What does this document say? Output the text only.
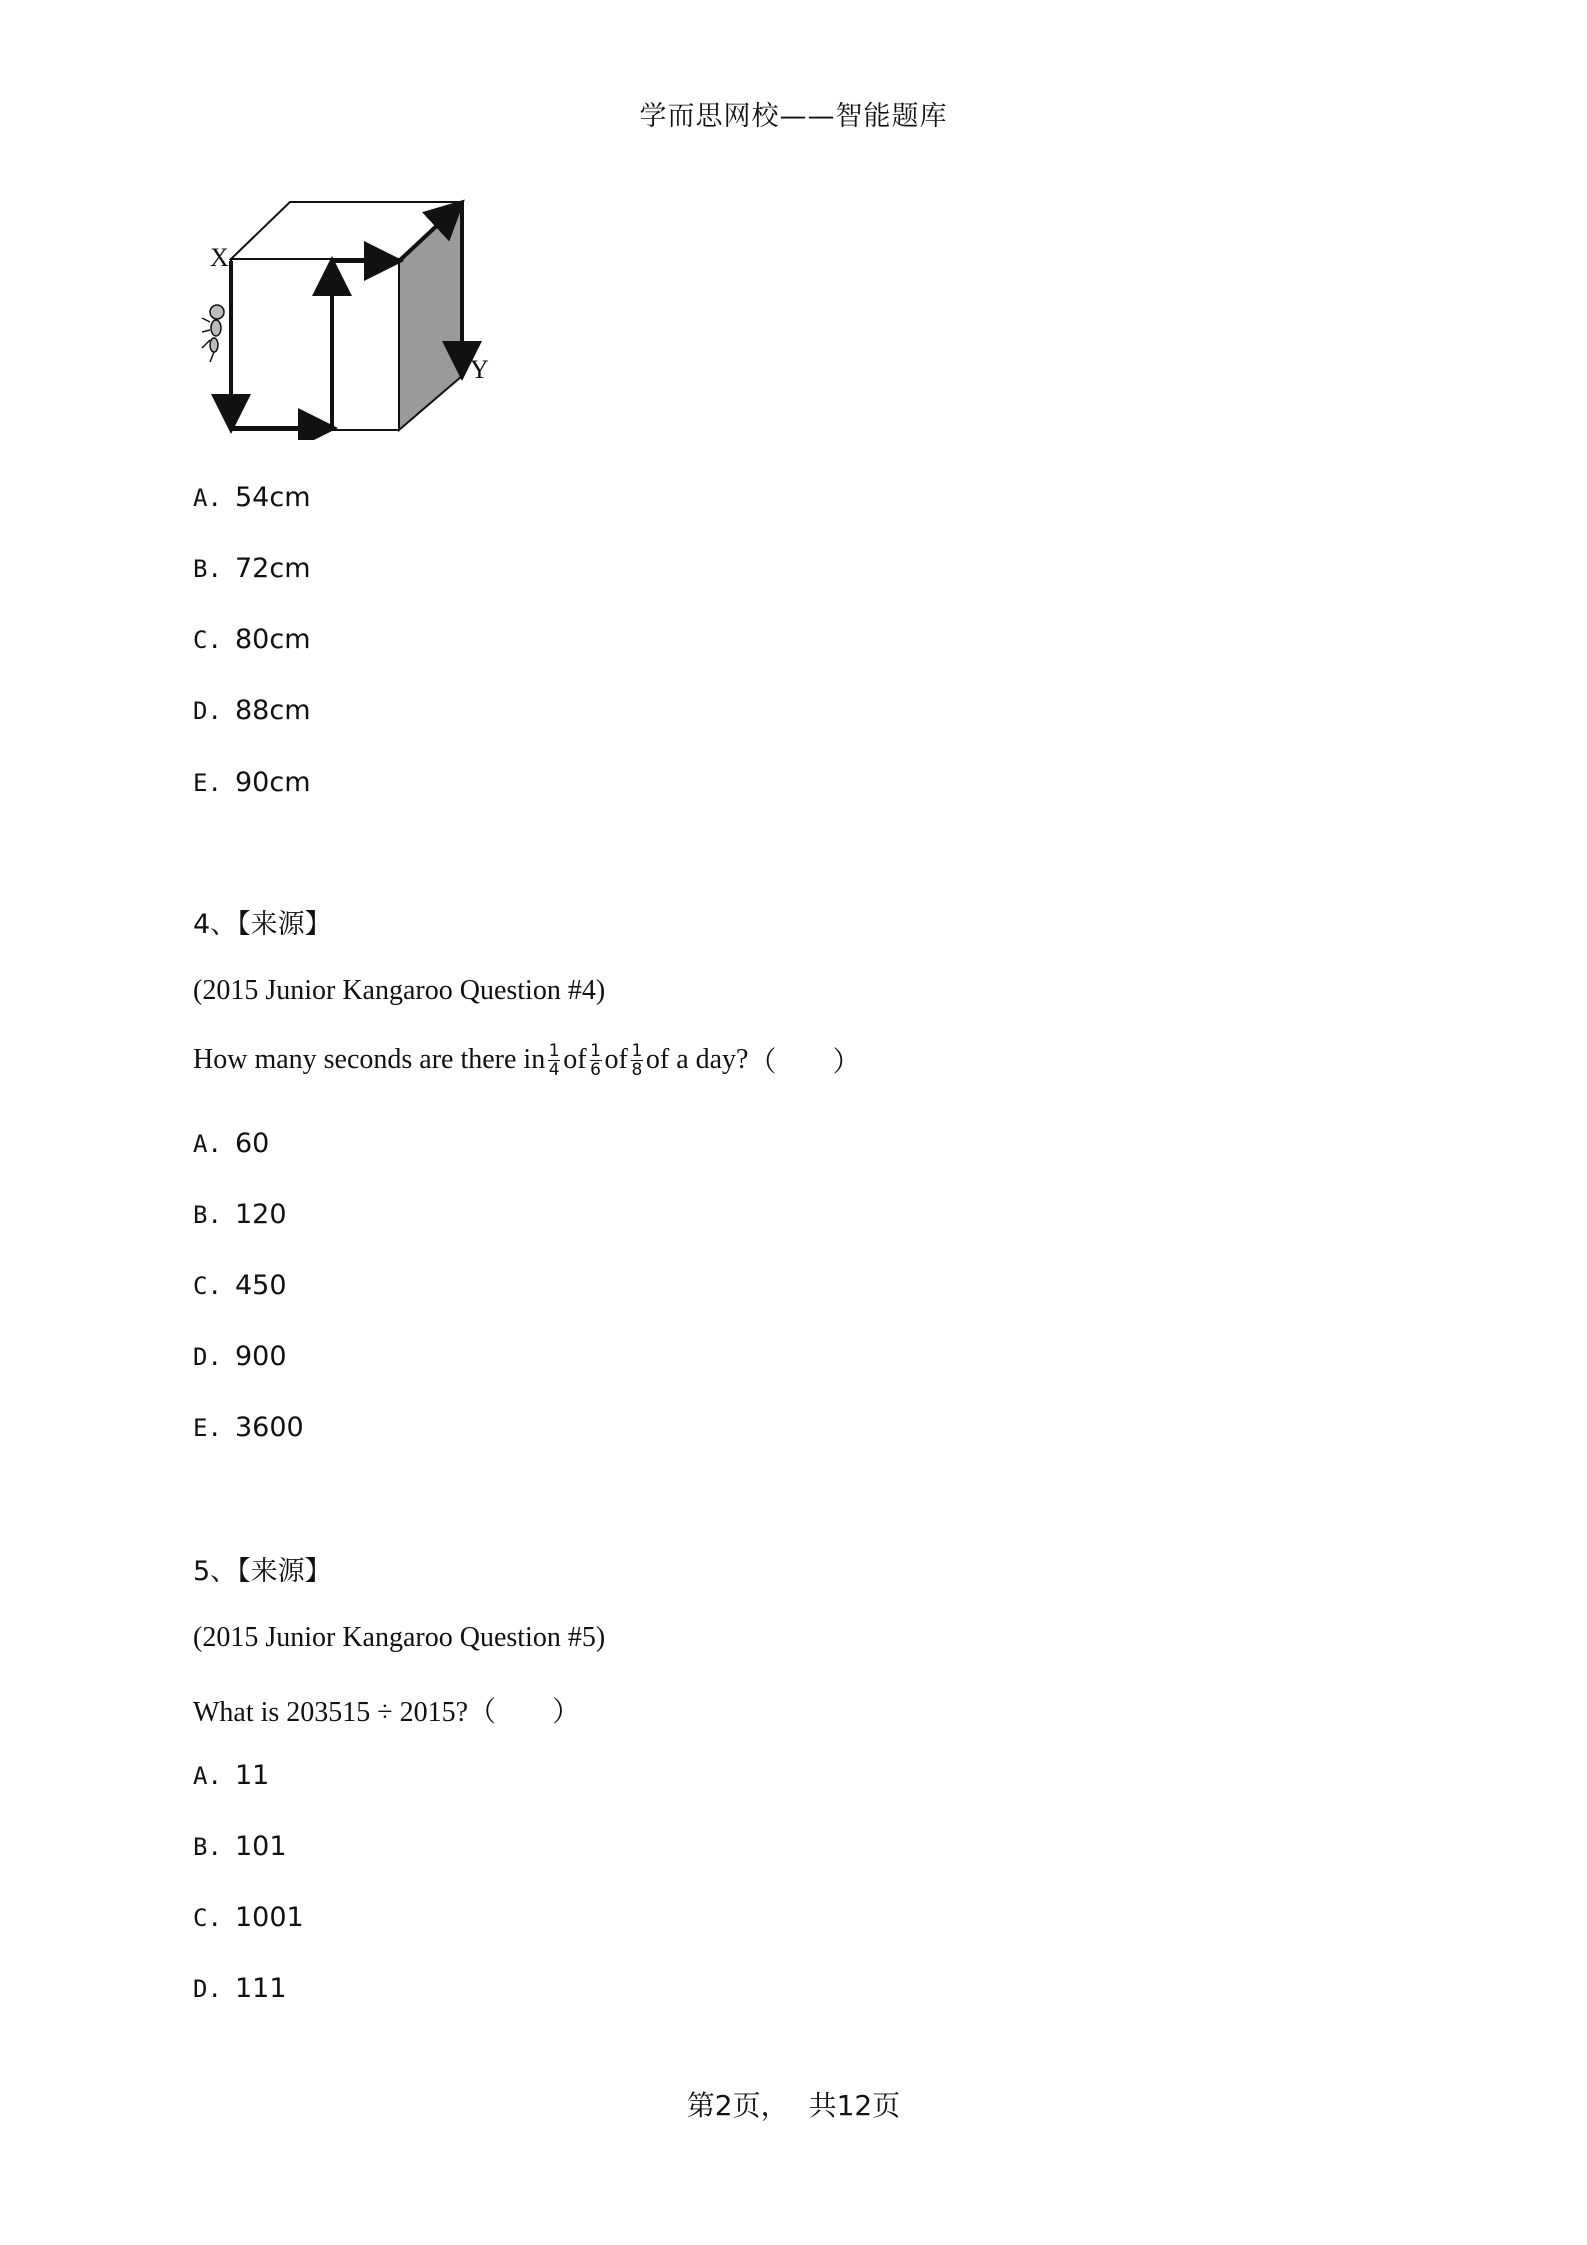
学而思网校——智能题库
X
Y
A. 54cm
B. 72cm
C. 80cm
D. 88cm
E. 90cm
4、【来源】
(2015 Junior Kangaroo Question #4)
How many seconds are there in $\frac{1}{4}$ of $\frac{1}{6}$ of $\frac{1}{8}$ of a day? （　　）
A. 60
B. 120
C. 450
D. 900
E. 3600
5、【来源】
(2015 Junior Kangaroo Question #5)
What is 203515 ÷ 2015?（　　）
A. 11
B. 101
C. 1001
D. 111
第2页， 共12页
